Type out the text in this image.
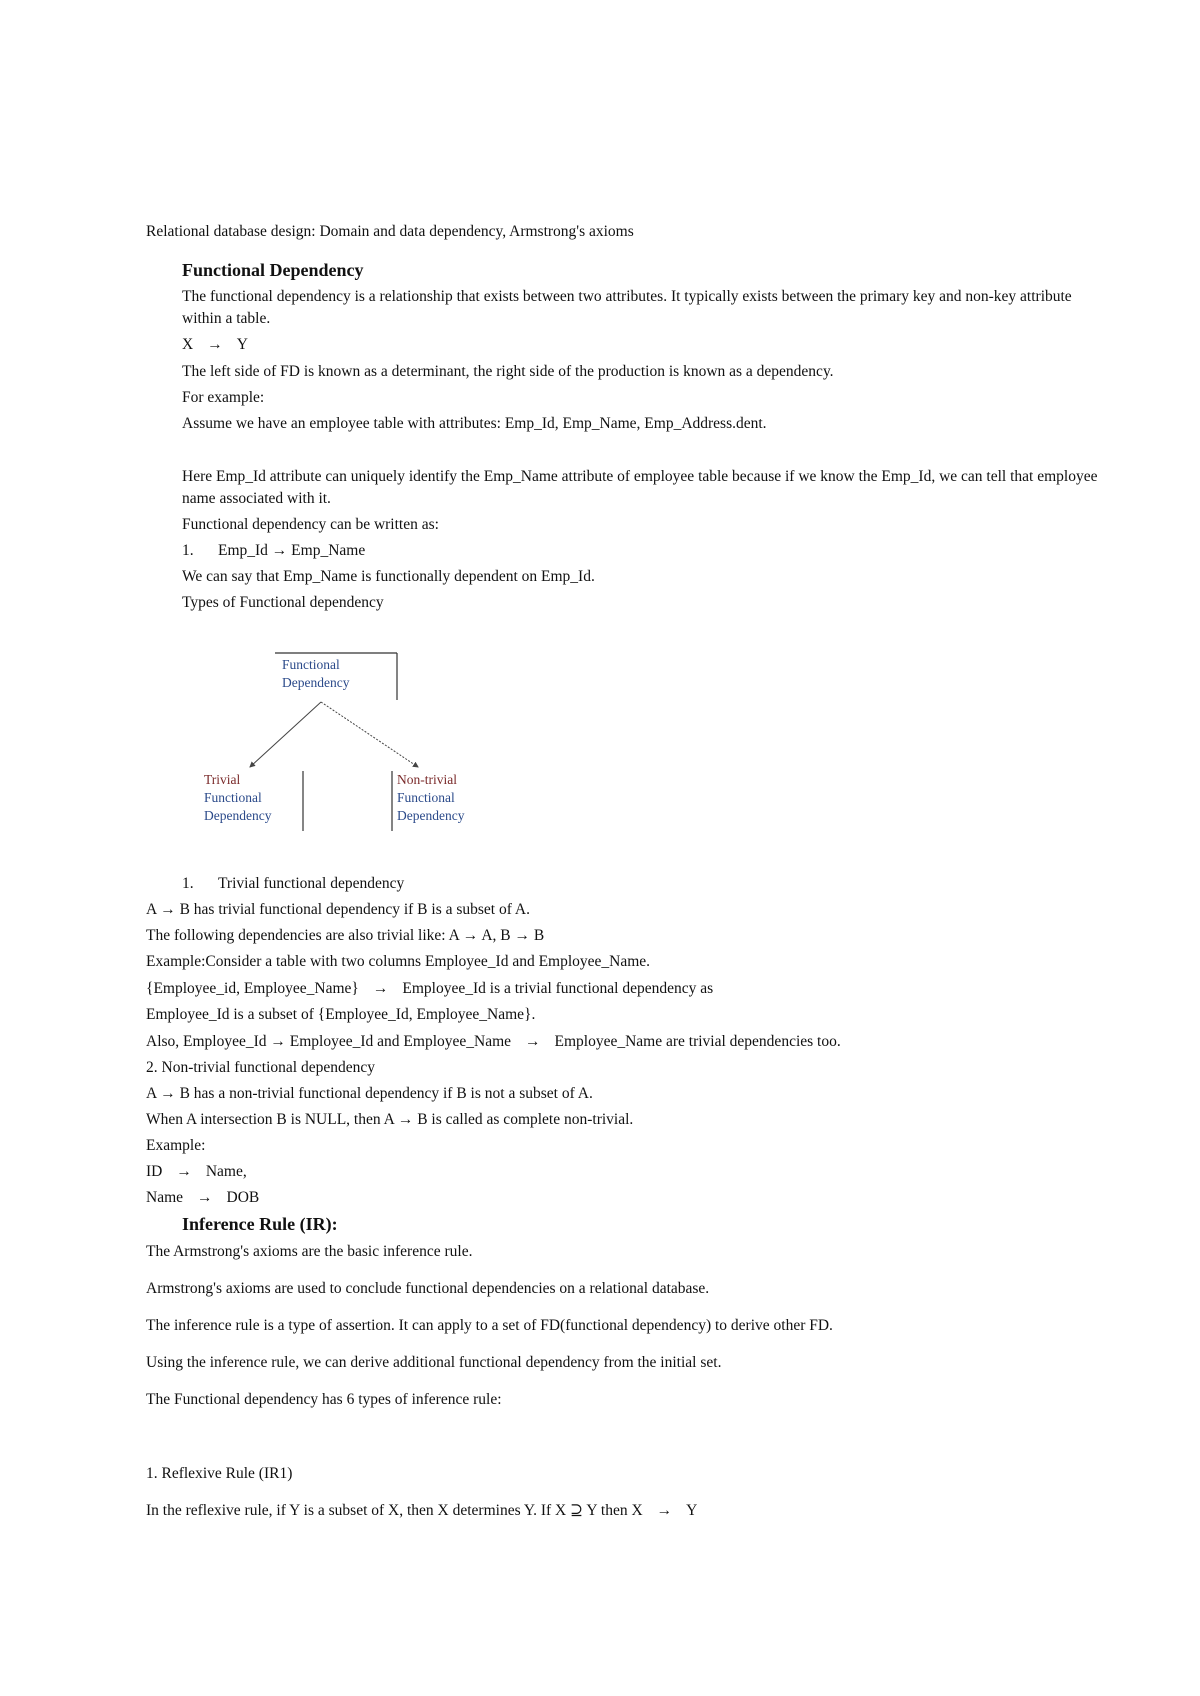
Relational database design: Domain and data dependency, Armstrong's axioms
Functional Dependency
The functional dependency is a relationship that exists between two attributes. It typically exists between the primary key and non-key attribute within a table.
X → Y
The left side of FD is known as a determinant, the right side of the production is known as a dependency.
For example:
Assume we have an employee table with attributes: Emp_Id, Emp_Name, Emp_Address.dent.
Here Emp_Id attribute can uniquely identify the Emp_Name attribute of employee table because if we know the Emp_Id, we can tell that employee name associated with it.
Functional dependency can be written as:
1. Emp_Id → Emp_Name
We can say that Emp_Name is functionally dependent on Emp_Id.
Types of Functional dependency
Functional
Dependency
Trivial
Functional
Dependency
Non-trivial
Functional
Dependency
1. Trivial functional dependency
A → B has trivial functional dependency if B is a subset of A.
The following dependencies are also trivial like: A → A, B → B
Example:Consider a table with two columns Employee_Id and Employee_Name.
{Employee_id, Employee_Name} → Employee_Id is a trivial functional dependency as
Employee_Id is a subset of {Employee_Id, Employee_Name}.
Also, Employee_Id → Employee_Id and Employee_Name → Employee_Name are trivial dependencies too.
2. Non-trivial functional dependency
A → B has a non-trivial functional dependency if B is not a subset of A.
When A intersection B is NULL, then A → B is called as complete non-trivial.
Example:
ID → Name,
Name → DOB
Inference Rule (IR):
The Armstrong's axioms are the basic inference rule.
Armstrong's axioms are used to conclude functional dependencies on a relational database.
The inference rule is a type of assertion. It can apply to a set of FD(functional dependency) to derive other FD.
Using the inference rule, we can derive additional functional dependency from the initial set.
The Functional dependency has 6 types of inference rule:
1. Reflexive Rule (IR1)
In the reflexive rule, if Y is a subset of X, then X determines Y. If X ⊇ Y then X → Y
